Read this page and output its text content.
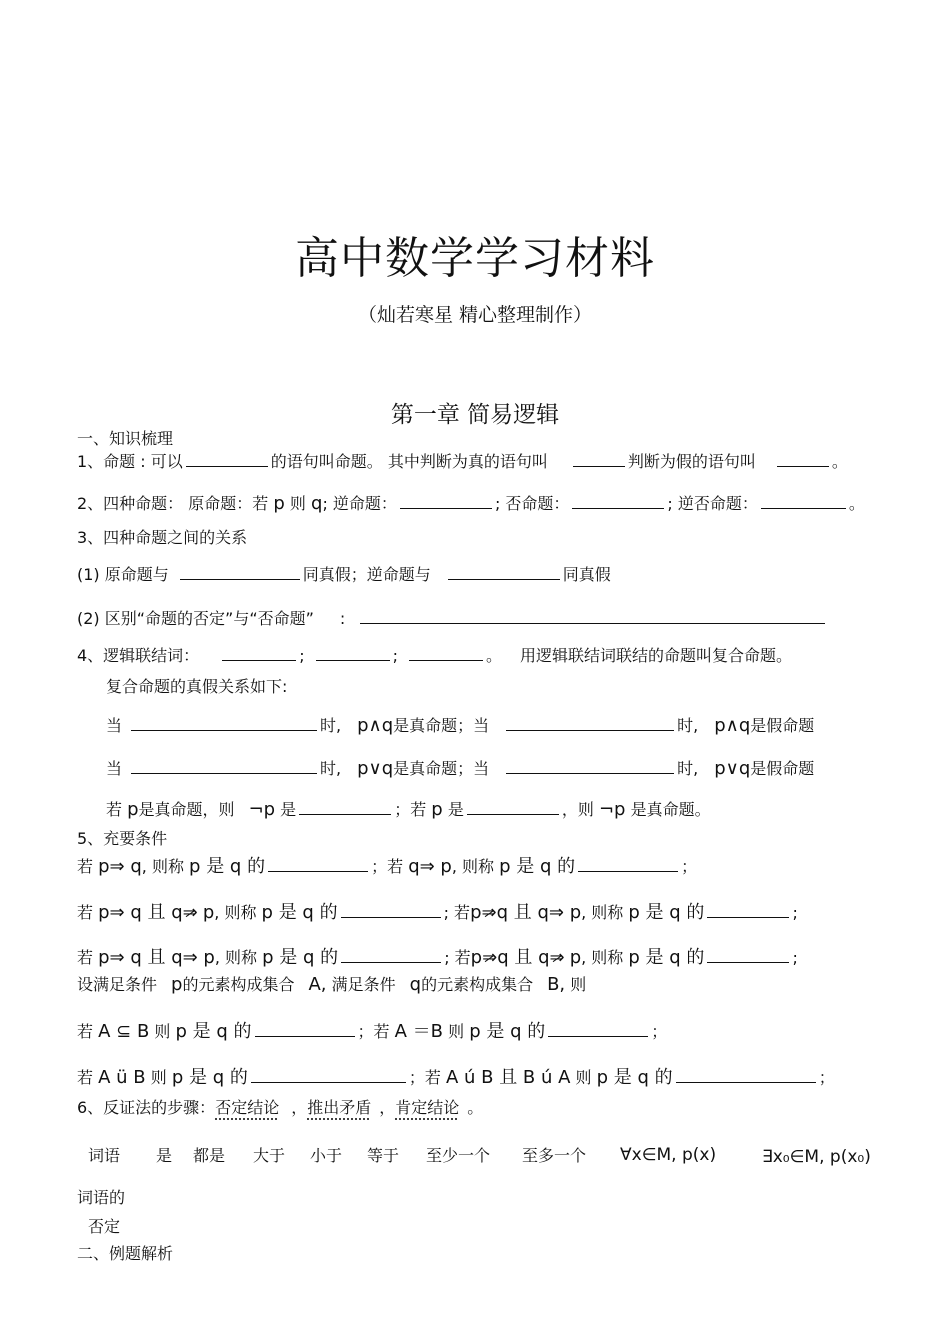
高中数学学习材料
（灿若寒星 精心整理制作）
第一章 简易逻辑
一、知识梳理
1、命题 : 可以	的语句叫命题。 其中判断为真的语句叫	判断为假的语句叫	。
2、四种命题： 原命题：若 p 则 q; 逆命题：	; 否命题：	; 逆否命题：	。
3、四种命题之间的关系
(1) 原命题与	同真假；逆命题与	同真假
(2) 区别“命题的否定”与“否命题” :
4、逻辑联结词：	;	;	。 用逻辑联结词联结的命题叫复合命题。
复合命题的真假关系如下:
当	时, p∧q是真命题；当	时, p∧q是假命题
当	时, p∨q是真命题；当	时, p∨q是假命题
若 p是真命题，则 ¬p 是	；若 p 是	，则 ¬p 是真命题。
5、充要条件
若 p⇒ q, 则称 p 是 q 的	；若 q⇒ p, 则称 p 是 q 的	；
若 p⇒ q 且 q⇒ p, 则称 p 是 q 的	; 若p⇒q 且 q⇒ p, 则称 p 是 q 的	;
若 p⇒ q 且 q⇒ p, 则称 p 是 q 的	; 若p⇒q 且 q⇒ p, 则称 p 是 q 的	;
设满足条件 p的元素构成集合 A, 满足条件 q的元素构成集合 B, 则
若 A ⊆ B 则 p 是 q 的	；若 A ＝B 则 p 是 q 的	；
若 A ü B 则 p 是 q 的	；若 A ú B 且 B ú A 则 p 是 q 的	；
6、反证法的步骤：否定结论 ，推出矛盾 ，肯定结论 。
词语 是 都是 大于 小于 等于 至少一个 至多一个 ∀x∈M, p(x)	∃x₀∈M, p(x₀)
词语的
否定
二、例题解析
